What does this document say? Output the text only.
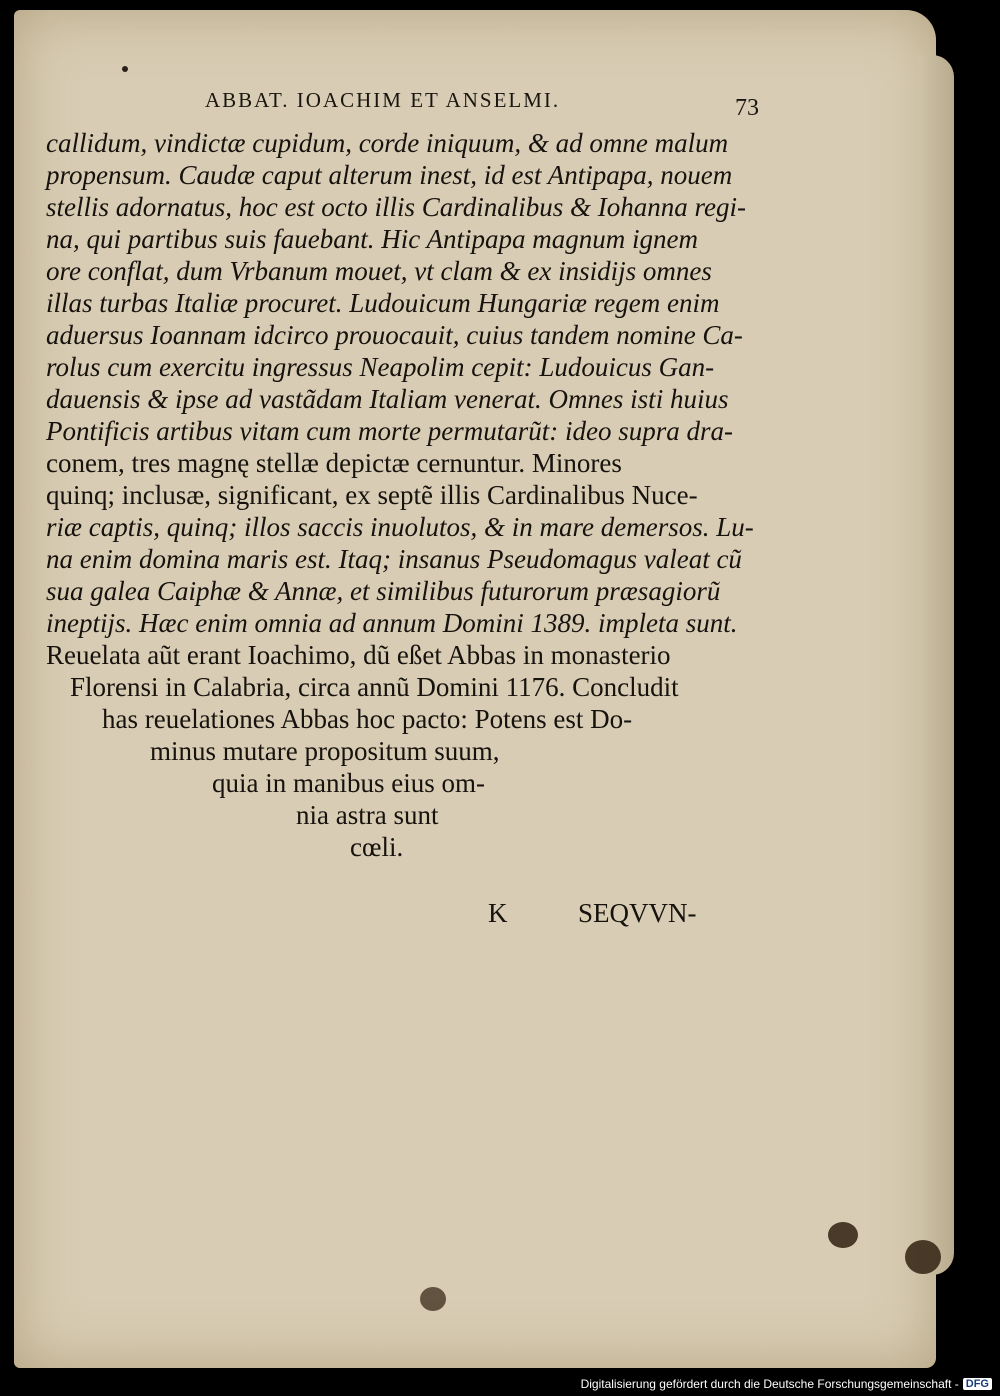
ABBAT. IOACHIM ET ANSELMI.	73
callidum, vindictæ cupidum, corde iniquum, & ad omne malum
propensum. Caudæ caput alterum inest, id est Antipapa, nouem
stellis adornatus, hoc est octo illis Cardinalibus & Iohanna regi-
na, qui partibus suis fauebant. Hic Antipapa magnum ignem
ore conflat, dum Vrbanum mouet, vt clam & ex insidijs omnes
illas turbas Italiæ procuret. Ludouicum Hungariæ regem enim
aduersus Ioannam idcirco prouocauit, cuius tandem nomine Ca-
rolus cum exercitu ingressus Neapolim cepit: Ludouicus Gan-
dauensis & ipse ad vastãdam Italiam venerat. Omnes isti huius
Pontificis artibus vitam cum morte permutarũt: ideo supra dra-
conem, tres magnę stellæ depictæ cernuntur. Minores
quinq; inclusæ, significant, ex septẽ illis Cardinalibus Nuce-
riæ captis, quinq; illos saccis inuolutos, & in mare demersos. Lu-
na enim domina maris est. Itaq; insanus Pseudomagus valeat cũ
sua galea Caiphæ & Annæ, et similibus futurorum præsagiorũ
ineptijs. Hæc enim omnia ad annum Domini 1389. impleta sunt.
Reuelata aũt erant Ioachimo, dũ eßet Abbas in monasterio
Florensi in Calabria, circa annũ Domini 1176. Concludit
has reuelationes Abbas hoc pacto: Potens est Do-
minus mutare propositum suum,
quia in manibus eius om-
nia astra sunt
cœli.
K	SEQVVN-
Digitalisierung gefördert durch die Deutsche Forschungsgemeinschaft - DFG
